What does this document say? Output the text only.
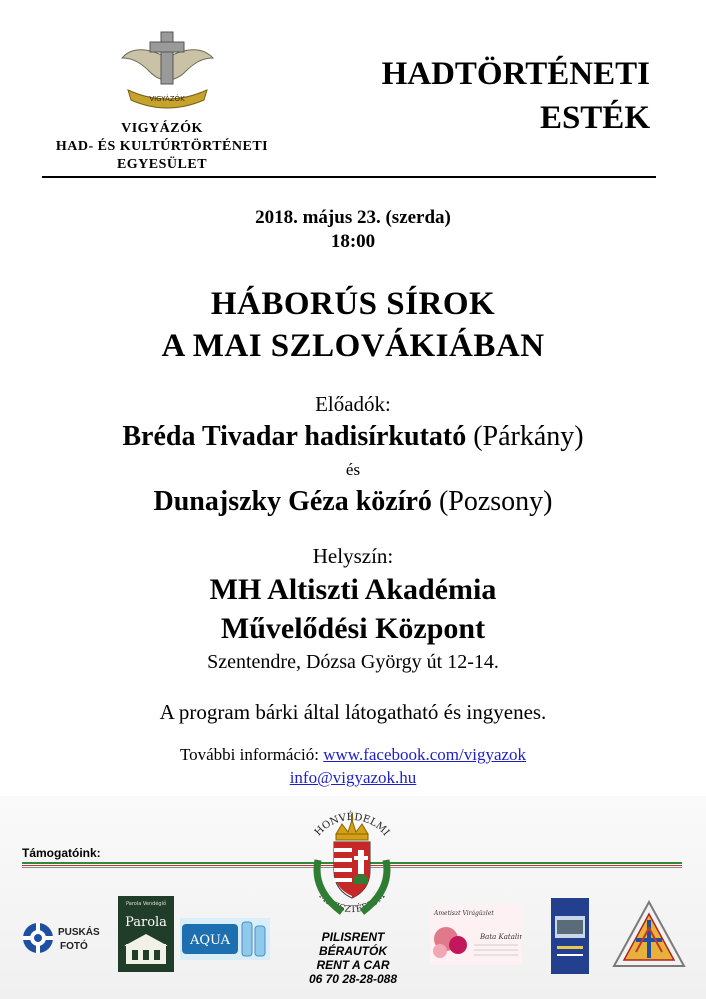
VIGYÁZÓK
VIGYÁZÓK
HAD- ÉS KULTÚRTÖRTÉNETI
EGYESÜLET
HADTÖRTÉNETI
ESTÉK
2018. május 23. (szerda)
18:00
HÁBORÚS SÍROK
A MAI SZLOVÁKIÁBAN
Előadók:
Bréda Tivadar hadisírkutató (Párkány)
és
Dunajszky Géza közíró (Pozsony)
Helyszín:
MH Altiszti Akadémia
Művelődési Központ
Szentendre, Dózsa György út 12-14.
A program bárki által látogatható és ingyenes.
További információ: www.facebook.com/vigyazok
info@vigyazok.hu
Támogatóink:
HONVÉDELMI
MINISZTÉRIUM
PILISRENT BÉRAUTÓK
RENT A CAR
06 70 28-28-088
PUSKÁS
FOTÓ
Parola Vendéglő
Parola
AQUA
Ametiszt Virágüzlet
Bata Katalin
